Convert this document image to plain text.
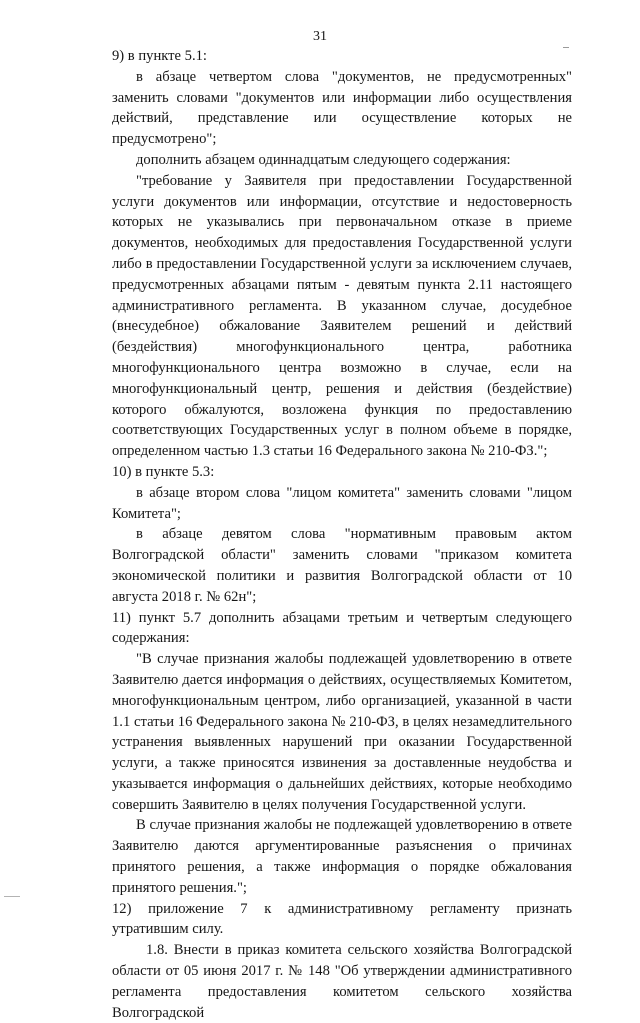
31

9) в пункте 5.1:

в абзаце четвертом слова "документов, не предусмотренных" заменить словами "документов или информации либо осуществления действий, представление или осуществление которых не предусмотрено";

дополнить абзацем одиннадцатым следующего содержания:

"требование у Заявителя при предоставлении Государственной услуги документов или информации, отсутствие и недостоверность которых не указывались при первоначальном отказе в приеме документов, необходимых для предоставления Государственной услуги либо в предоставлении Государственной услуги за исключением случаев, предусмотренных абзацами пятым - девятым пункта 2.11 настоящего административного регламента. В указанном случае, досудебное (внесудебное) обжалование Заявителем решений и действий (бездействия) многофункционального центра, работника многофункционального центра возможно в случае, если на многофункциональный центр, решения и действия (бездействие) которого обжалуются, возложена функция по предоставлению соответствующих Государственных услуг в полном объеме в порядке, определенном частью 1.3 статьи 16 Федерального закона № 210-ФЗ.";

10) в пункте 5.3:

в абзаце втором слова "лицом комитета" заменить словами "лицом Комитета";

в абзаце девятом слова "нормативным правовым актом Волгоградской области" заменить словами "приказом комитета экономической политики и развития Волгоградской области от 10 августа 2018 г. № 62н";

11) пункт 5.7 дополнить абзацами третьим и четвертым следующего содержания:

"В случае признания жалобы подлежащей удовлетворению в ответе Заявителю дается информация о действиях, осуществляемых Комитетом, многофункциональным центром, либо организацией, указанной в части 1.1 статьи 16 Федерального закона № 210-ФЗ, в целях незамедлительного устранения выявленных нарушений при оказании Государственной услуги, а также приносятся извинения за доставленные неудобства и указывается информация о дальнейших действиях, которые необходимо совершить Заявителю в целях получения Государственной услуги.

В случае признания жалобы не подлежащей удовлетворению в ответе Заявителю даются аргументированные разъяснения о причинах принятого решения, а также информация о порядке обжалования принятого решения.";

12) приложение 7 к административному регламенту признать утратившим силу.

1.8. Внести в приказ комитета сельского хозяйства Волгоградской области от 05 июня 2017 г. № 148 "Об утверждении административного регламента предоставления комитетом сельского хозяйства Волгоградской
